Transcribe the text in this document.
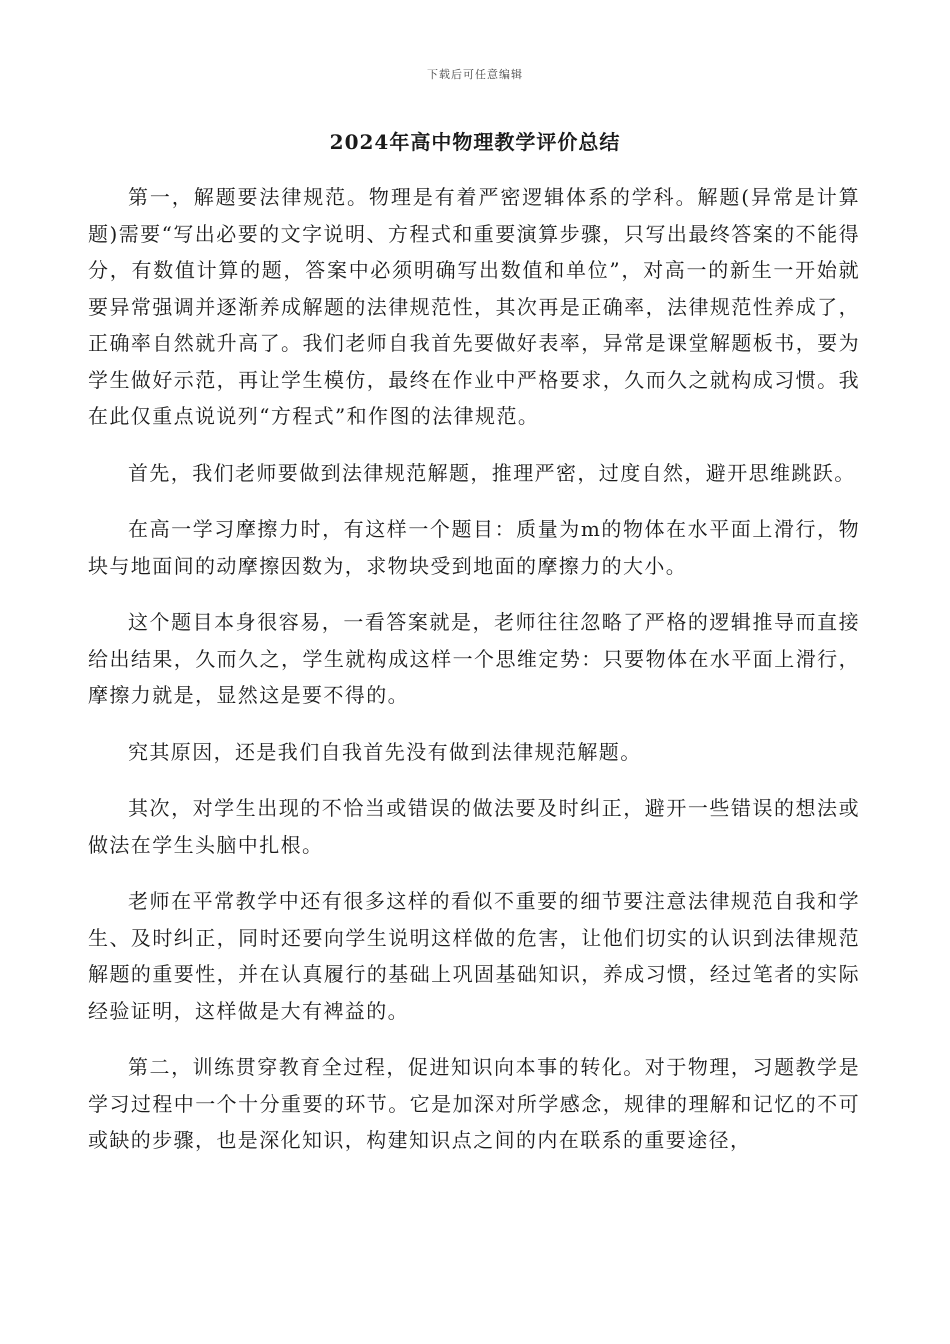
下载后可任意编辑
2024年高中物理教学评价总结

第一，解题要法律规范。物理是有着严密逻辑体系的学科。解题(异常是计算题)需要“写出必要的文字说明、方程式和重要演算步骤，只写出最终答案的不能得分，有数值计算的题，答案中必须明确写出数值和单位”，对高一的新生一开始就要异常强调并逐渐养成解题的法律规范性，其次再是正确率，法律规范性养成了，正确率自然就升高了。我们老师自我首先要做好表率，异常是课堂解题板书，要为学生做好示范，再让学生模仿，最终在作业中严格要求，久而久之就构成习惯。我在此仅重点说说列“方程式”和作图的法律规范。

首先，我们老师要做到法律规范解题，推理严密，过度自然，避开思维跳跃。

在高一学习摩擦力时，有这样一个题目：质量为m的物体在水平面上滑行，物块与地面间的动摩擦因数为，求物块受到地面的摩擦力的大小。

这个题目本身很容易，一看答案就是，老师往往忽略了严格的逻辑推导而直接给出结果，久而久之，学生就构成这样一个思维定势：只要物体在水平面上滑行，摩擦力就是，显然这是要不得的。

究其原因，还是我们自我首先没有做到法律规范解题。

其次，对学生出现的不恰当或错误的做法要及时纠正，避开一些错误的想法或做法在学生头脑中扎根。

老师在平常教学中还有很多这样的看似不重要的细节要注意法律规范自我和学生、及时纠正，同时还要向学生说明这样做的危害，让他们切实的认识到法律规范解题的重要性，并在认真履行的基础上巩固基础知识，养成习惯，经过笔者的实际经验证明，这样做是大有裨益的。

第二，训练贯穿教育全过程，促进知识向本事的转化。对于物理，习题教学是学习过程中一个十分重要的环节。它是加深对所学感念，规律的理解和记忆的不可或缺的步骤，也是深化知识，构建知识点之间的内在联系的重要途径，
